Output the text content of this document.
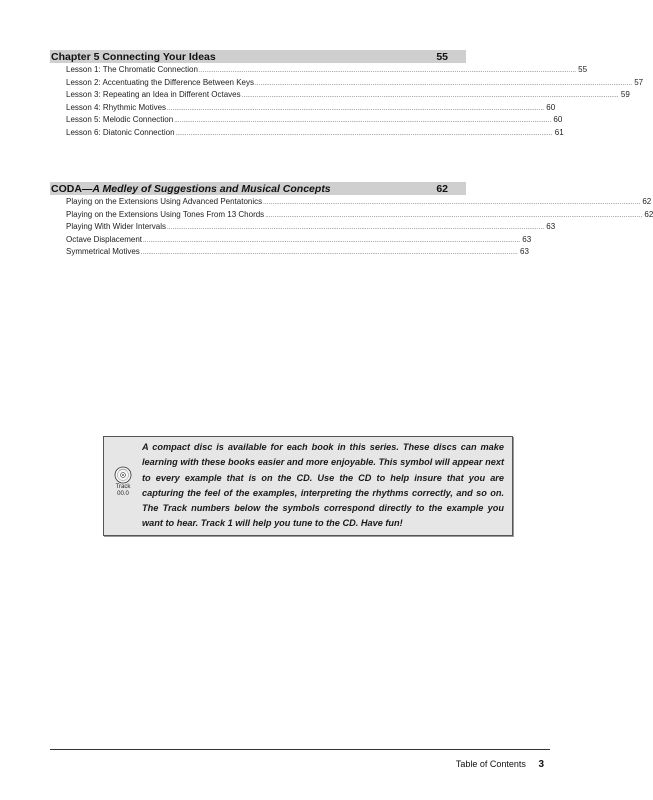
Chapter 5 Connecting Your Ideas	55
Lesson 1: The Chromatic Connection .......................................................................................................................................................................................................... 55
Lesson 2: Accentuating the Difference Between Keys .......................................................................................................................................................................................................... 57
Lesson 3: Repeating an Idea in Different Octaves .......................................................................................................................................................................................................... 59
Lesson 4: Rhythmic Motives .......................................................................................................................................................................................................... 60
Lesson 5: Melodic Connection .......................................................................................................................................................................................................... 60
Lesson 6: Diatonic Connection .......................................................................................................................................................................................................... 61
CODA—A Medley of Suggestions and Musical Concepts	62
Playing on the Extensions Using Advanced Pentatonics .......................................................................................................................................................................................................... 62
Playing on the Extensions Using Tones From 13 Chords .......................................................................................................................................................................................................... 62
Playing With Wider Intervals .......................................................................................................................................................................................................... 63
Octave Displacement .......................................................................................................................................................................................................... 63
Symmetrical Motives .......................................................................................................................................................................................................... 63
Track
00.0
A compact disc is available for each book in this series. These discs can make learning with these books easier and more enjoyable. This symbol will appear next to every example that is on the CD. Use the CD to help insure that you are capturing the feel of the examples, interpreting the rhythms correctly, and so on. The Track numbers below the symbols correspond directly to the example you want to hear. Track 1 will help you tune to the CD. Have fun!
Table of Contents 3
